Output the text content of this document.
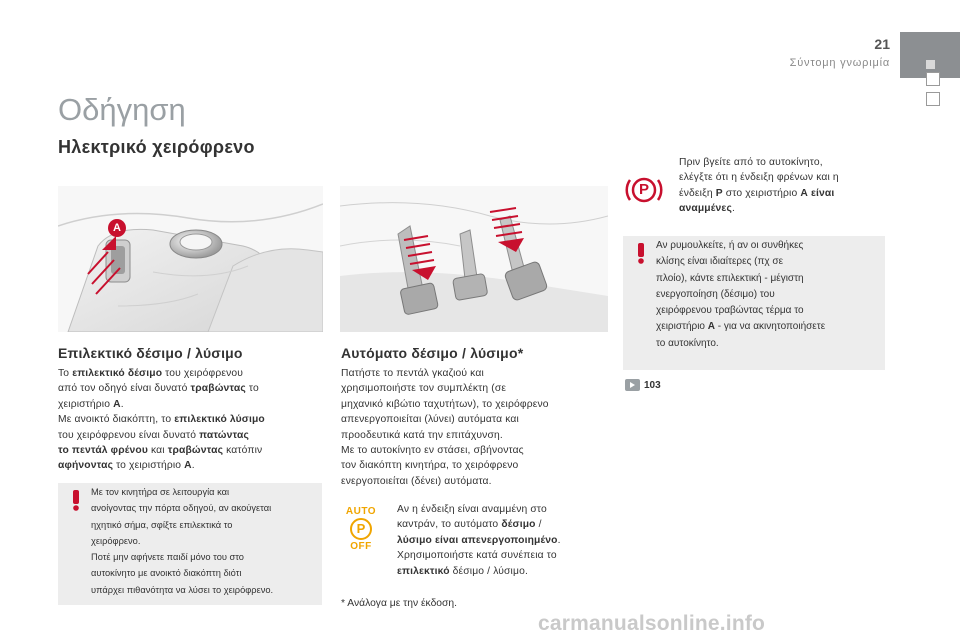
21
Σύντομη γνωριμία
Οδήγηση
Ηλεκτρικό χειρόφρενο
A
Επιλεκτικό δέσιμο / λύσιμο
Το επιλεκτικό δέσιμο του χειρόφρενου
από τον οδηγό είναι δυνατό τραβώντας το
χειριστήριο Α.
Με ανοικτό διακόπτη, το επιλεκτικό λύσιμο
του χειρόφρενου είναι δυνατό πατώντας
το πεντάλ φρένου και τραβώντας κατόπιν
αφήνοντας το χειριστήριο Α.
Με τον κινητήρα σε λειτουργία και
ανοίγοντας την πόρτα οδηγού, αν ακούγεται
ηχητικό σήμα, σφίξτε επιλεκτικά το
χειρόφρενο.
Ποτέ μην αφήνετε παιδί μόνο του στο
αυτοκίνητο με ανοικτό διακόπτη διότι
υπάρχει πιθανότητα να λύσει το χειρόφρενο.
Αυτόματο δέσιμο / λύσιμο*
Πατήστε το πεντάλ γκαζιού και
χρησιμοποιήστε τον συμπλέκτη (σε
μηχανικό κιβώτιο ταχυτήτων), το χειρόφρενο
απενεργοποιείται (λύνει) αυτόματα και
προοδευτικά κατά την επιτάχυνση.
Με το αυτοκίνητο εν στάσει, σβήνοντας
τον διακόπτη κινητήρα, το χειρόφρενο
ενεργοποιείται (δένει) αυτόματα.
AUTO
P
OFF
Αν η ένδειξη είναι αναμμένη στο
καντράν, το αυτόματο δέσιμο /
λύσιμο είναι απενεργοποιημένο.
Χρησιμοποιήστε κατά συνέπεια το
επιλεκτικό δέσιμο / λύσιμο.
* Ανάλογα με την έκδοση.
P
Πριν βγείτε από το αυτοκίνητο,
ελέγξτε ότι η ένδειξη φρένων και η
ένδειξη P στο χειριστήριο Α είναι
αναμμένες.
Αν ρυμουλκείτε, ή αν οι συνθήκες
κλίσης είναι ιδιαίτερες (πχ σε
πλοίο), κάντε επιλεκτική - μέγιστη
ενεργοποίηση (δέσιμο) του
χειρόφρενου τραβώντας τέρμα το
χειριστήριο Α - για να ακινητοποιήσετε
το αυτοκίνητο.
103
carmanualsonline.info
